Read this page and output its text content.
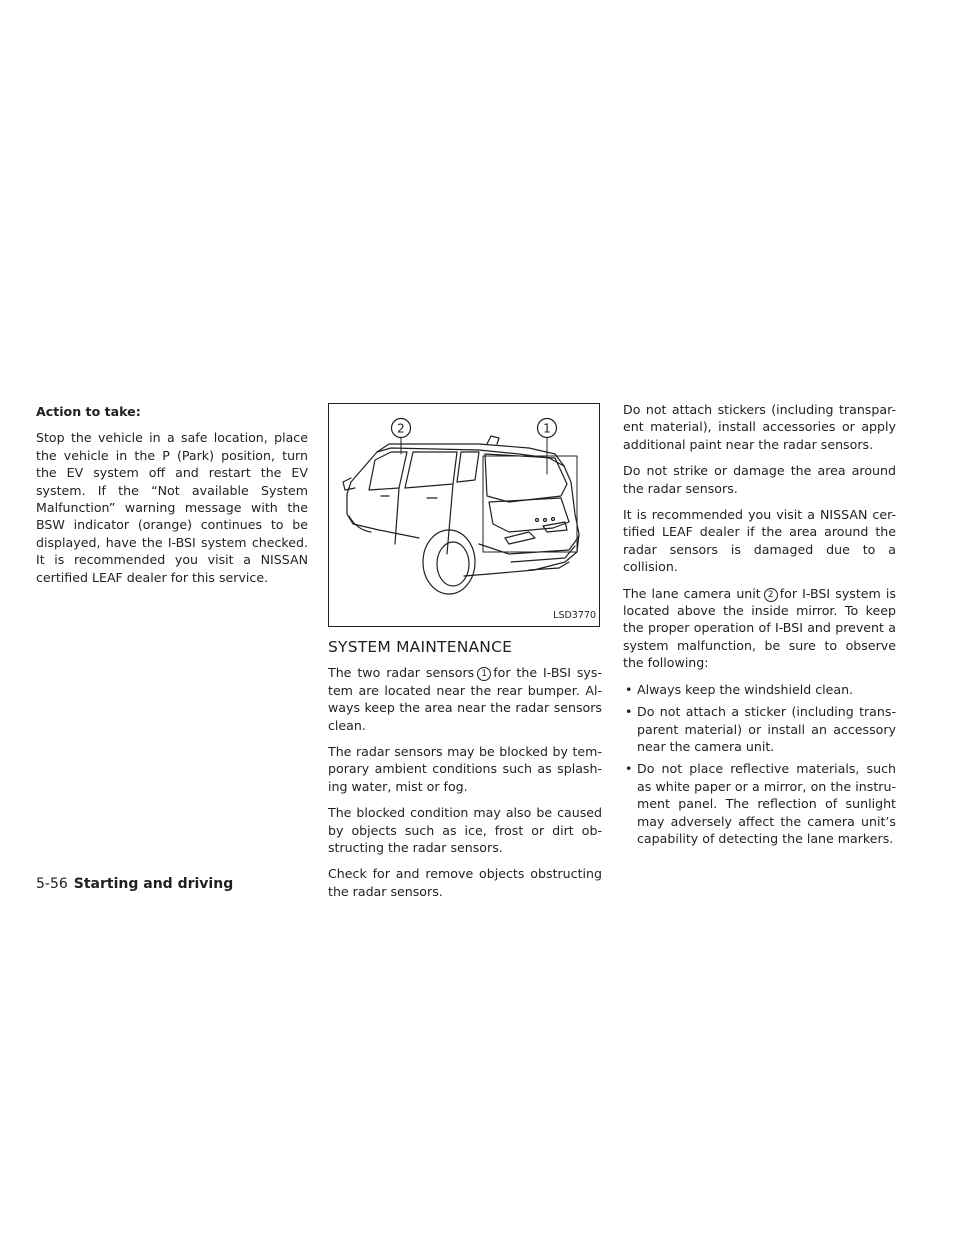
Action to take:

Stop the vehicle in a safe location, place the vehicle in the P (Park) position, turn the EV system off and restart the EV system. If the “Not available System Malfunction” warning message with the BSW indicator (orange) continues to be displayed, have the I-BSI system checked. It is recommended you visit a NISSAN certified LEAF dealer for this service.

2	1
LSD3770
SYSTEM MAINTENANCE

The two radar sensors 1 for the I-BSI sys-tem are located near the rear bumper. Al-ways keep the area near the radar sensors clean.

The radar sensors may be blocked by tem-porary ambient conditions such as splash-ing water, mist or fog.

The blocked condition may also be caused by objects such as ice, frost or dirt ob-structing the radar sensors.

Check for and remove objects obstructing the radar sensors.

Do not attach stickers (including transpar-ent material), install accessories or apply additional paint near the radar sensors.

Do not strike or damage the area around the radar sensors.

It is recommended you visit a NISSAN cer-tified LEAF dealer if the area around the radar sensors is damaged due to a collision.

The lane camera unit 2 for I-BSI system is located above the inside mirror. To keep the proper operation of I-BSI and prevent a system malfunction, be sure to observe the following:

• Always keep the windshield clean.
• Do not attach a sticker (including trans-parent material) or install an accessory near the camera unit.
• Do not place reflective materials, such as white paper or a mirror, on the instru-ment panel. The reflection of sunlight may adversely affect the camera unit’s capability of detecting the lane markers.
5-56 Starting and driving
